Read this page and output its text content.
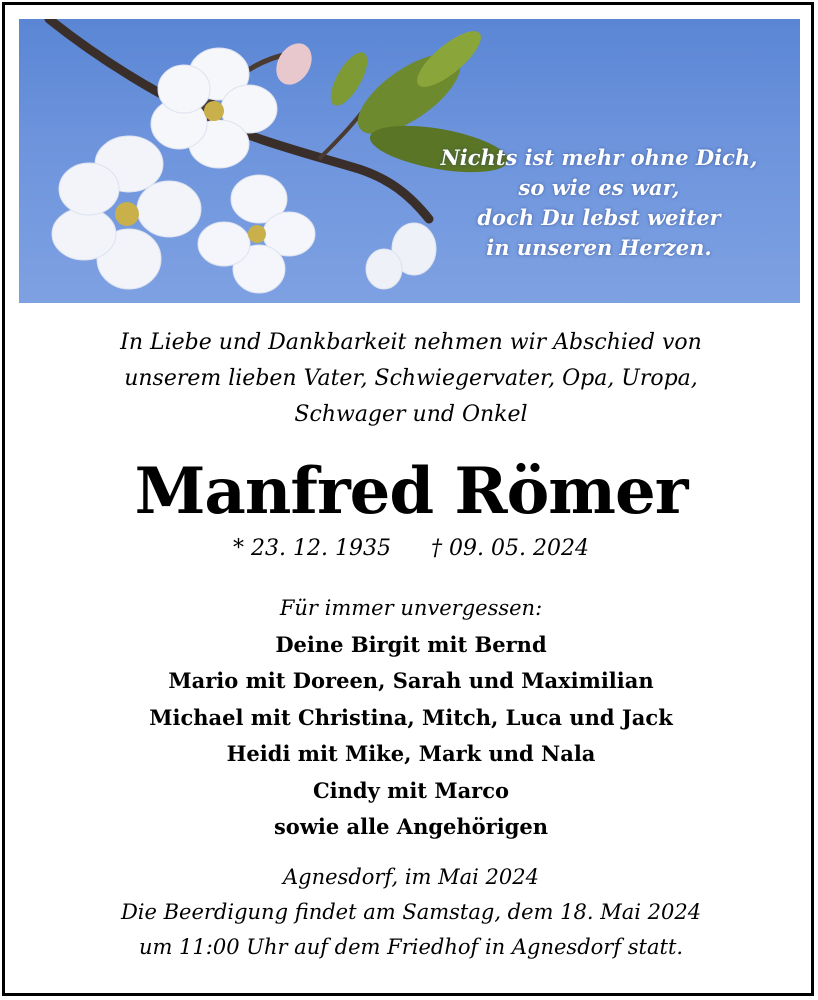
Nichts ist mehr ohne Dich,
so wie es war,
doch Du lebst weiter
in unseren Herzen.
In Liebe und Dankbarkeit nehmen wir Abschied von
unserem lieben Vater, Schwiegervater, Opa, Uropa,
Schwager und Onkel
Manfred Römer
* 23. 12. 1935 † 09. 05. 2024
Für immer unvergessen:
Deine Birgit mit Bernd
Mario mit Doreen, Sarah und Maximilian
Michael mit Christina, Mitch, Luca und Jack
Heidi mit Mike, Mark und Nala
Cindy mit Marco
sowie alle Angehörigen
Agnesdorf, im Mai 2024
Die Beerdigung findet am Samstag, dem 18. Mai 2024
um 11:00 Uhr auf dem Friedhof in Agnesdorf statt.
